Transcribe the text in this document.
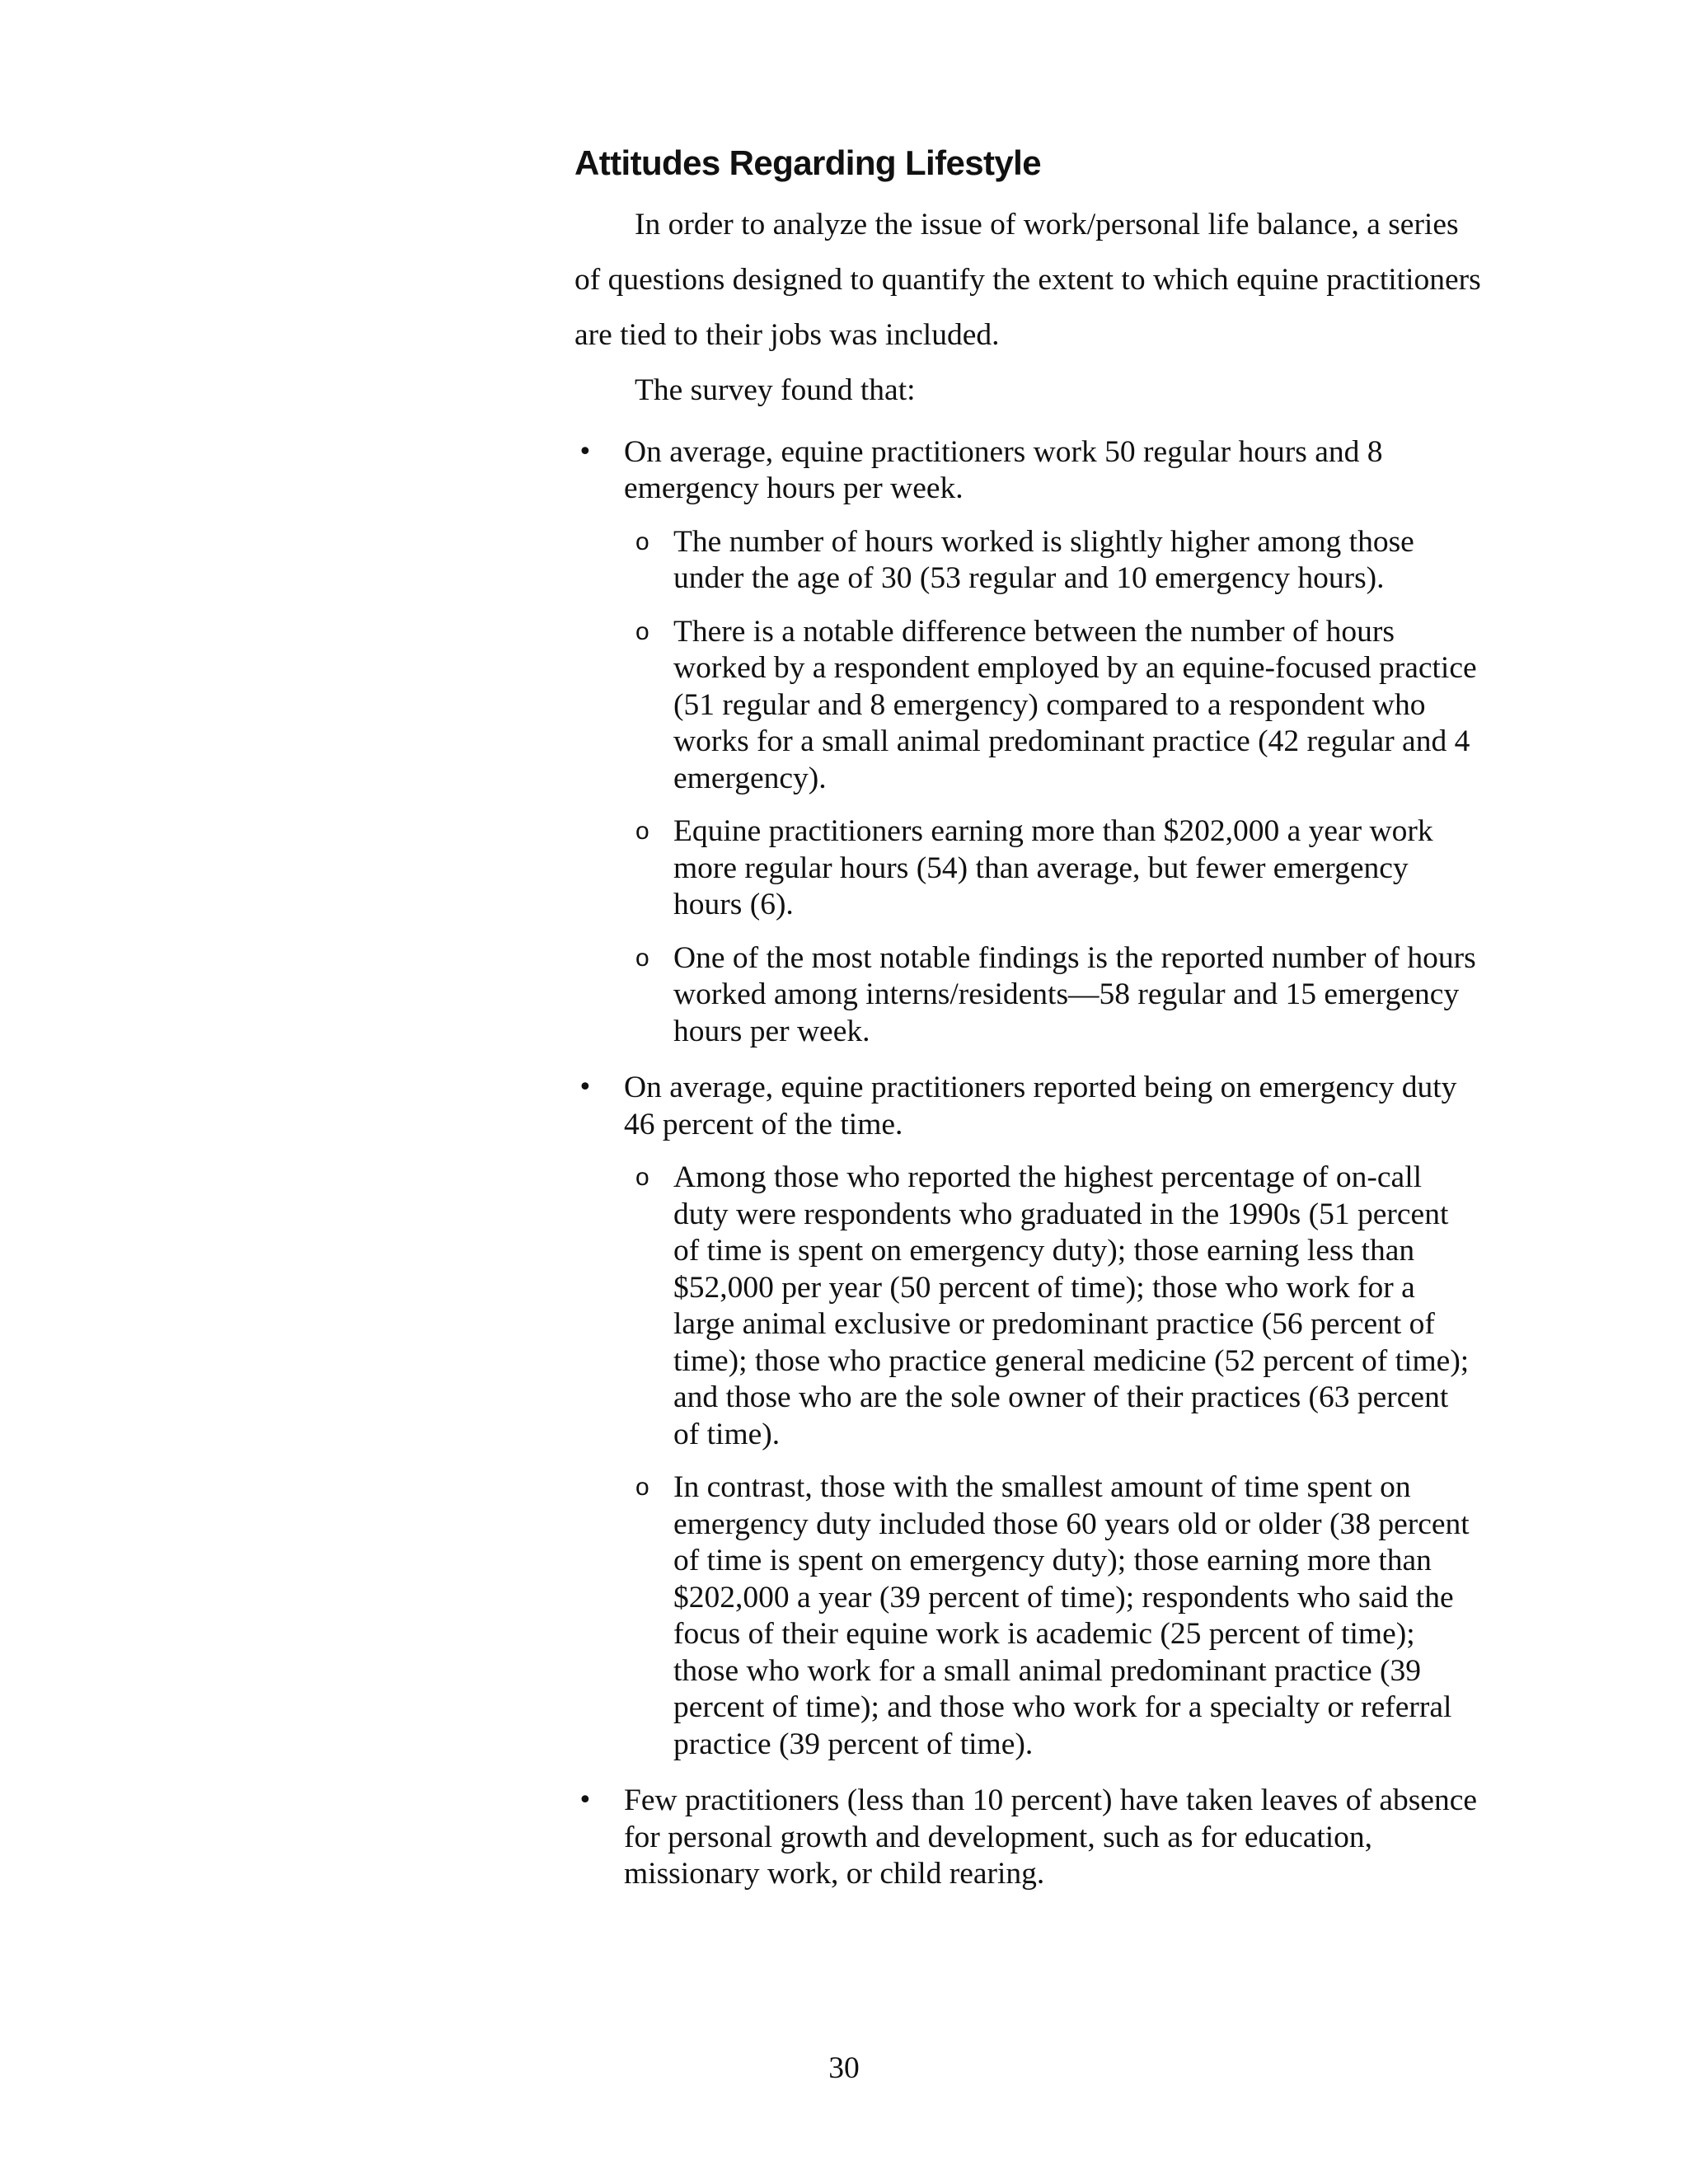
Attitudes Regarding Lifestyle

In order to analyze the issue of work/personal life balance, a series of questions designed to quantify the extent to which equine practitioners are tied to their jobs was included.

The survey found that:

• On average, equine practitioners work 50 regular hours and 8 emergency hours per week.
o The number of hours worked is slightly higher among those under the age of 30 (53 regular and 10 emergency hours).
o There is a notable difference between the number of hours worked by a respondent employed by an equine-focused practice (51 regular and 8 emergency) compared to a respondent who works for a small animal predominant practice (42 regular and 4 emergency).
o Equine practitioners earning more than $202,000 a year work more regular hours (54) than average, but fewer emergency hours (6).
o One of the most notable findings is the reported number of hours worked among interns/residents—58 regular and 15 emergency hours per week.
• On average, equine practitioners reported being on emergency duty 46 percent of the time.
o Among those who reported the highest percentage of on-call duty were respondents who graduated in the 1990s (51 percent of time is spent on emergency duty); those earning less than $52,000 per year (50 percent of time); those who work for a large animal exclusive or predominant practice (56 percent of time); those who practice general medicine (52 percent of time); and those who are the sole owner of their practices (63 percent of time).
o In contrast, those with the smallest amount of time spent on emergency duty included those 60 years old or older (38 percent of time is spent on emergency duty); those earning more than $202,000 a year (39 percent of time); respondents who said the focus of their equine work is academic (25 percent of time); those who work for a small animal predominant practice (39 percent of time); and those who work for a specialty or referral practice (39 percent of time).
• Few practitioners (less than 10 percent) have taken leaves of absence for personal growth and development, such as for education, missionary work, or child rearing.
30
